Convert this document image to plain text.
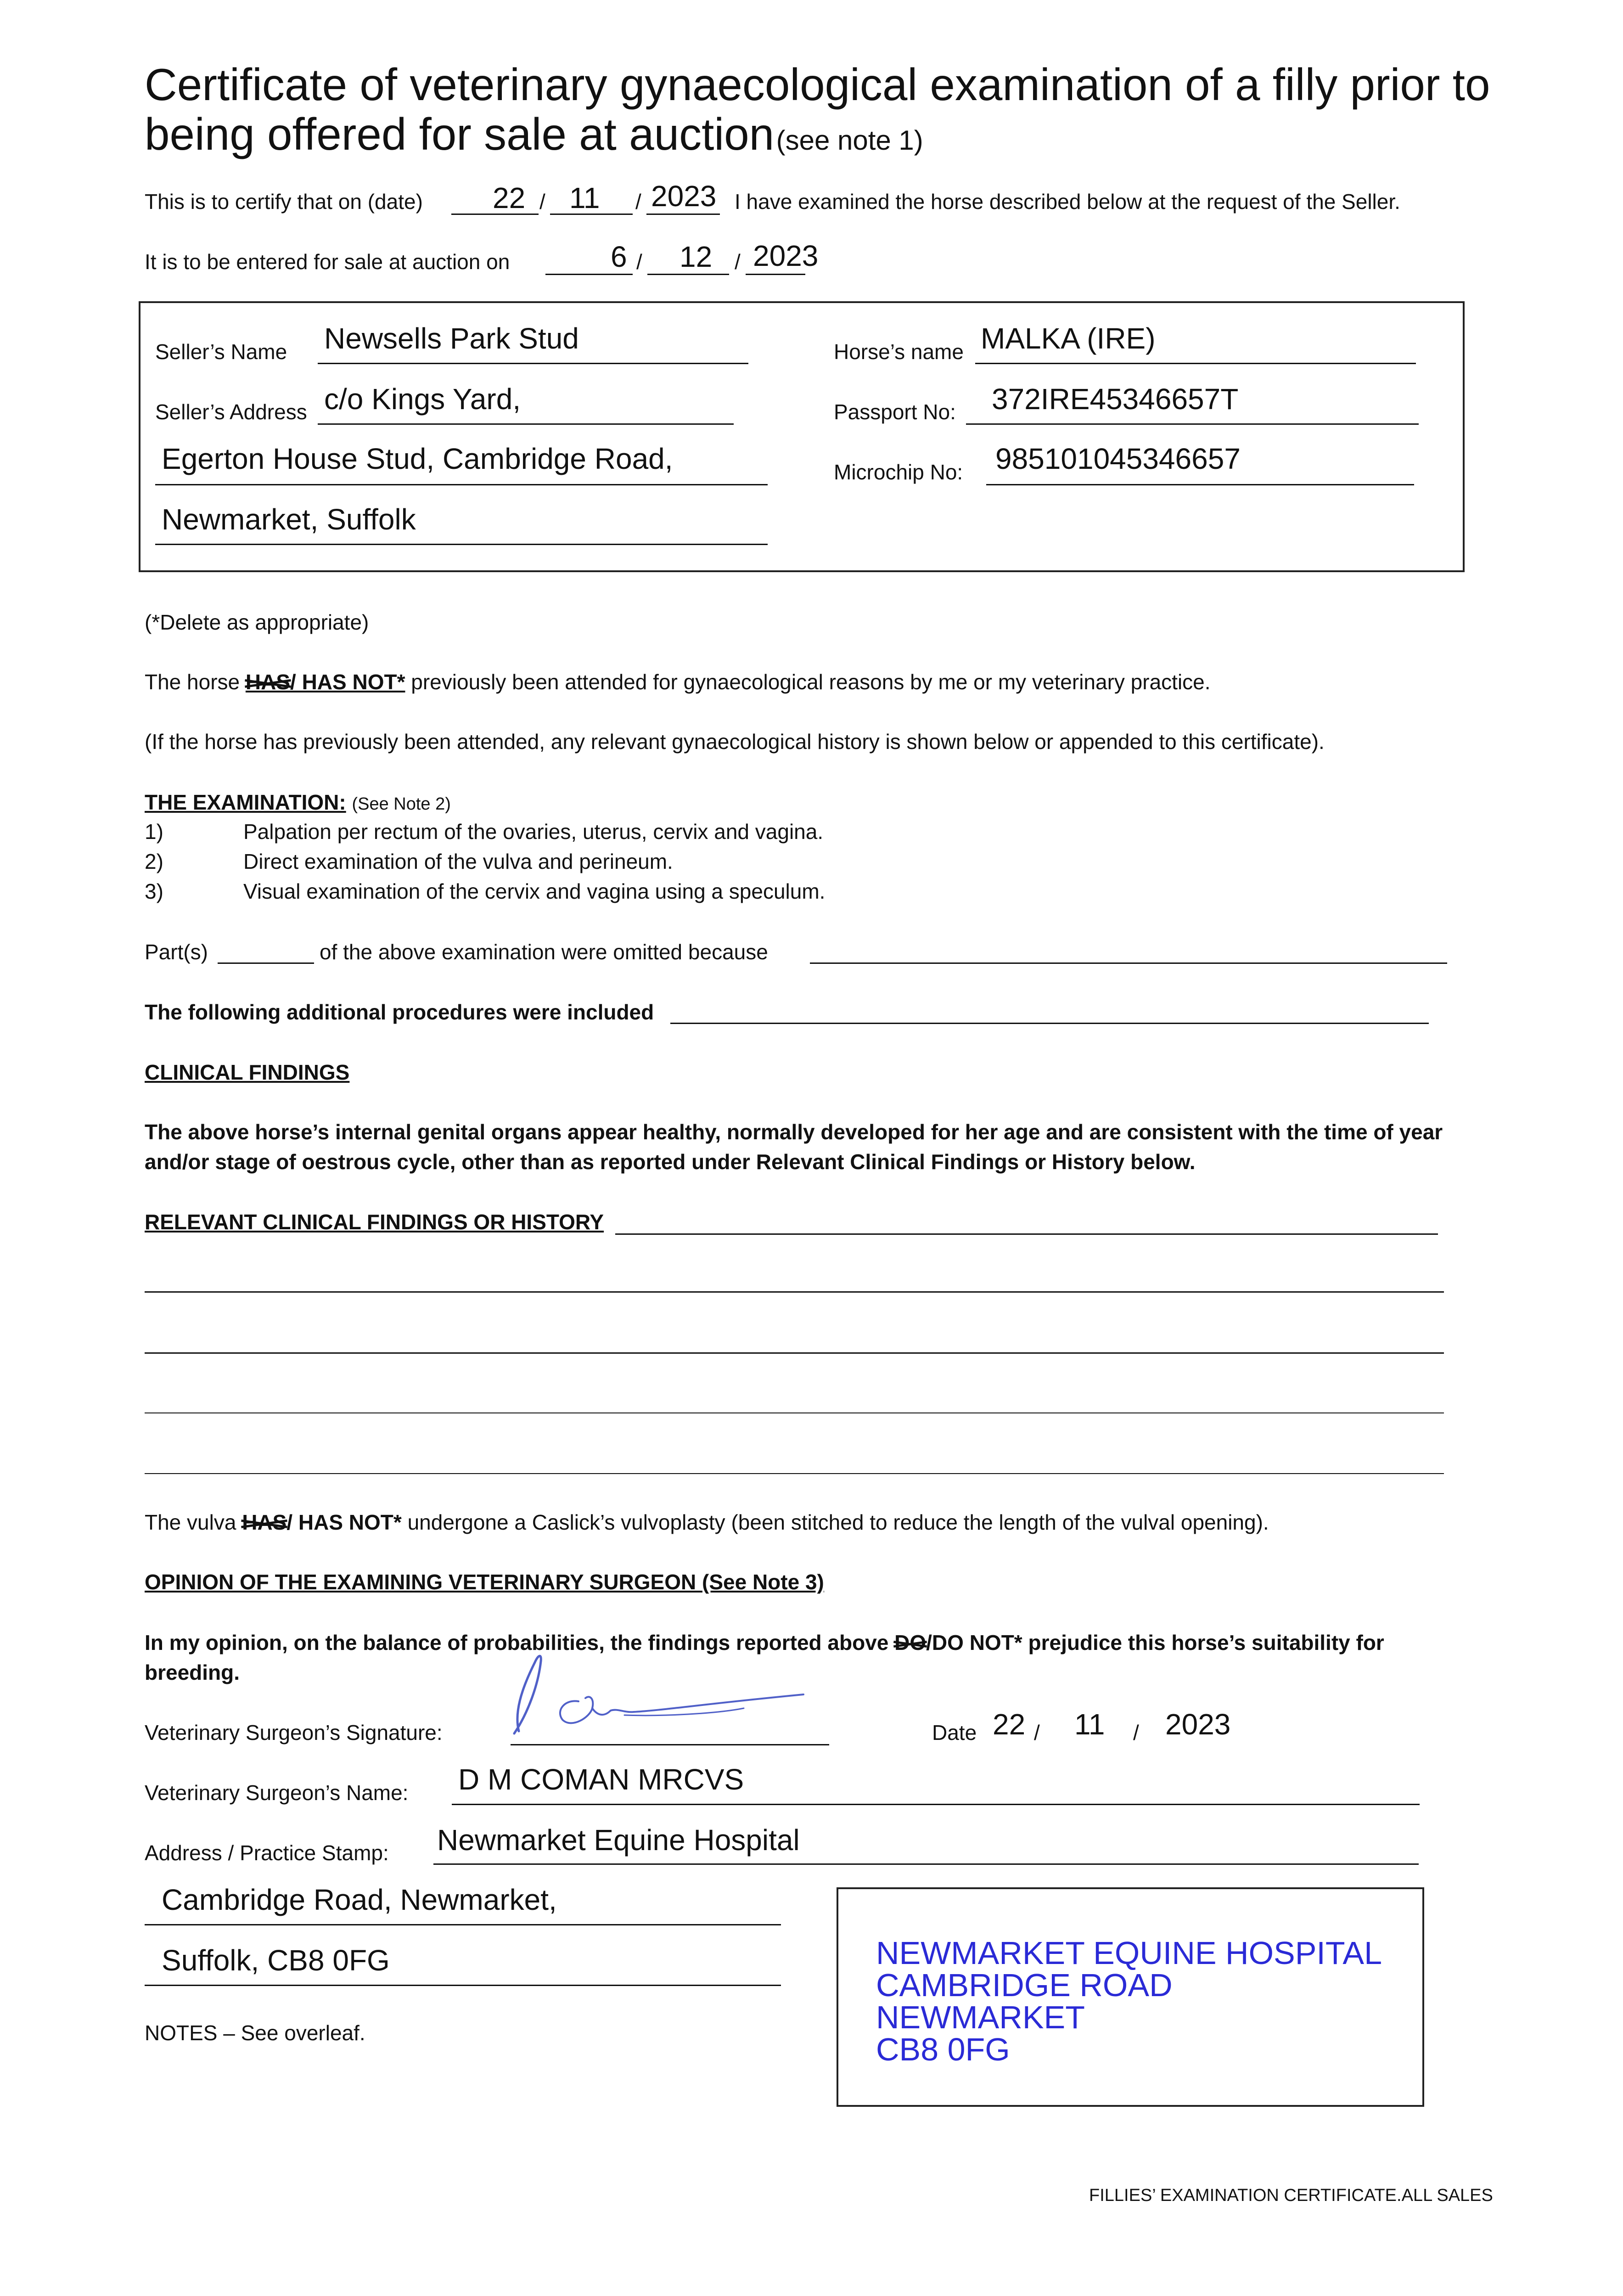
Certificate of veterinary gynaecological examination of a filly prior to
being offered for sale at auction (see note 1)
This is to certify that on (date) 22 / 11 / 2023 I have examined the horse described below at the request of the Seller.
It is to be entered for sale at auction on	6 / 12 / 2023
Seller’s Name Newsells Park Stud
Seller’s Address c/o Kings Yard,
Egerton House Stud, Cambridge Road,
Newmarket, Suffolk
Horse’s name MALKA (IRE)
Passport No: 372IRE45346657T
Microchip No: 985101045346657
(*Delete as appropriate)
The horse HAS/ HAS NOT* previously been attended for gynaecological reasons by me or my veterinary practice.
(If the horse has previously been attended, any relevant gynaecological history is shown below or appended to this certificate).
THE EXAMINATION: (See Note 2)
1)	Palpation per rectum of the ovaries, uterus, cervix and vagina.
2)	Direct examination of the vulva and perineum.
3)	Visual examination of the cervix and vagina using a speculum.
Part(s)	of the above examination were omitted because
The following additional procedures were included
CLINICAL FINDINGS
The above horse’s internal genital organs appear healthy, normally developed for her age and are consistent with the time of year
and/or stage of oestrous cycle, other than as reported under Relevant Clinical Findings or History below.
RELEVANT CLINICAL FINDINGS OR HISTORY
The vulva HAS/ HAS NOT* undergone a Caslick’s vulvoplasty (been stitched to reduce the length of the vulval opening).
OPINION OF THE EXAMINING VETERINARY SURGEON (See Note 3)
In my opinion, on the balance of probabilities, the findings reported above DO/DO NOT* prejudice this horse’s suitability for
breeding.
Veterinary Surgeon’s Signature:	Date 22 / 11 / 2023
Veterinary Surgeon’s Name: D M COMAN MRCVS
Address / Practice Stamp: Newmarket Equine Hospital
Cambridge Road, Newmarket,
Suffolk, CB8 0FG	NEWMARKET EQUINE HOSPITAL
CAMBRIDGE ROAD
NEWMARKET
CB8 0FG
NOTES – See overleaf.
FILLIES’ EXAMINATION CERTIFICATE.ALL SALES
